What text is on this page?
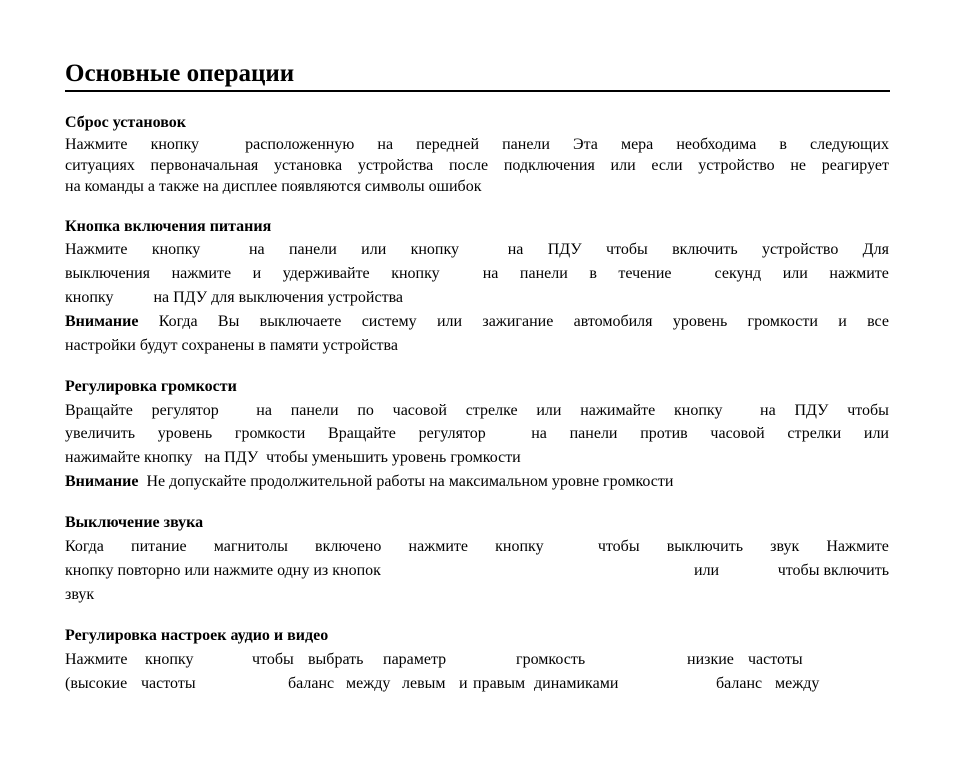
Основные операции
Сброс установок
Нажмите кнопку	расположенную на передней панели Эта мера необходима в следующих
ситуациях первоначальная установка устройства после подключения или если устройство не реагирует
на команды а также на дисплее появляются символы ошибок
Кнопка включения питания
Нажмите кнопку	на панели или кнопку	на ПДУ чтобы включить устройство Для
выключения нажмите и удерживайте кнопку	на панели в течение	секунд или нажмите
кнопку          на ПДУ для выключения устройства
Внимание Когда Вы выключаете систему или зажигание автомобиля уровень громкости и все
настройки будут сохранены в памяти устройства
Регулировка громкости
Вращайте регулятор на панели по часовой стрелке или нажимайте кнопку на ПДУ чтобы
увеличить уровень громкости Вращайте регулятор	на панели против часовой стрелки или
нажимайте кнопку   на ПДУ  чтобы уменьшить уровень громкости
Внимание Не допускайте продолжительной работы на максимальном уровне громкости
Выключение звука
Когда питание магнитолы включено нажмите кнопку	чтобы выключить звук Нажмите
кнопку повторно или нажмите одну из кнопок	или	чтобы включить
звук
Регулировка настроек аудио и видео
Нажмите кнопку	чтобы выбрать параметр	громкость	низкие частоты
(высокие частоты	баланс между левым и правым динамиками	баланс между
